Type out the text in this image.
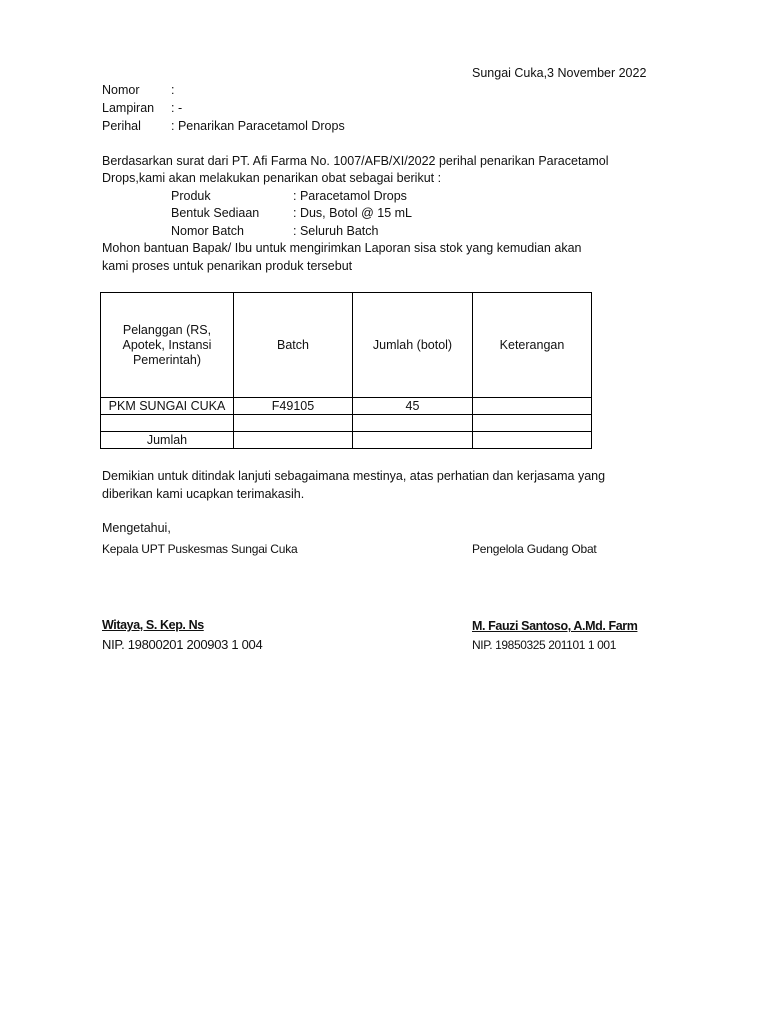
Sungai Cuka,3 November 2022
Nomor	:
Lampiran : -
Perihal : Penarikan Paracetamol Drops
Berdasarkan surat dari PT. Afi Farma No. 1007/AFB/XI/2022 perihal penarikan Paracetamol
Drops,kami akan melakukan penarikan obat sebagai berikut :
Produk	: Paracetamol Drops
Bentuk Sediaan	: Dus, Botol @ 15 mL
Nomor Batch	: Seluruh Batch
Mohon bantuan Bapak/ Ibu untuk mengirimkan Laporan sisa stok yang kemudian akan
kami proses untuk penarikan produk tersebut
Pelanggan (RS, Apotek, Instansi Pemerintah)	Batch	Jumlah (botol)	Keterangan
PKM SUNGAI CUKA	F49105	45	

Jumlah			
Demikian untuk ditindak lanjuti sebagaimana mestinya, atas perhatian dan kerjasama yang
diberikan kami ucapkan terimakasih.
Mengetahui,
Kepala UPT Puskesmas Sungai Cuka	Pengelola Gudang Obat
Witaya, S. Kep. Ns	M. Fauzi Santoso, A.Md. Farm
NIP. 19800201 200903 1 004	NIP. 19850325 201101 1 001
